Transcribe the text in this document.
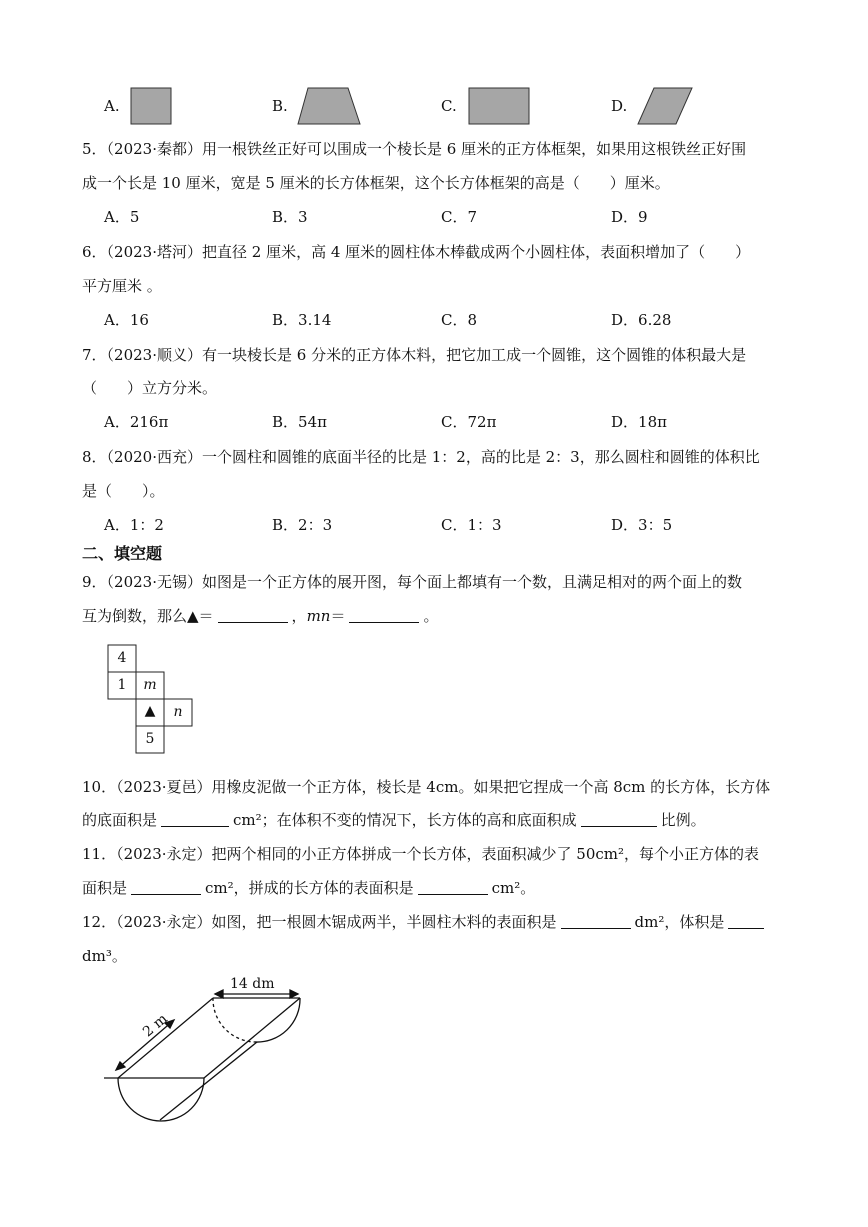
A.	B.	C.	D.
5．（2023·秦都）用一根铁丝正好可以围成一个棱长是 6 厘米的正方体框架，如果用这根铁丝正好围
成一个长是 10 厘米，宽是 5 厘米的长方体框架，这个长方体框架的高是（　　）厘米。
A．5	B．3	C．7	D．9
6．（2023·塔河）把直径 2 厘米，高 4 厘米的圆柱体木棒截成两个小圆柱体，表面积增加了（　　）
平方厘米 。
A．16	B．3.14	C．8	D．6.28
7．（2023·顺义）有一块棱长是 6 分米的正方体木料，把它加工成一个圆锥，这个圆锥的体积最大是
（　　）立方分米。
A．216π	B．54π	C．72π	D．18π
8．（2020·西充）一个圆柱和圆锥的底面半径的比是 1：2，高的比是 2：3，那么圆柱和圆锥的体积比
是（　　）。
A．1：2	B．2：3	C．1：3	D．3：5
二、填空题
9．（2023·无锡）如图是一个正方体的展开图，每个面上都填有一个数，且满足相对的两个面上的数
互为倒数，那么▲＝	，mn＝	。
4
1	m
▲	n
5
10．（2023·夏邑）用橡皮泥做一个正方体，棱长是 4cm。如果把它捏成一个高 8cm 的长方体，长方体
的底面积是	cm²；在体积不变的情况下，长方体的高和底面积成	比例。
11．（2023·永定）把两个相同的小正方体拼成一个长方体，表面积减少了 50cm²，每个小正方体的表
面积是	cm²，拼成的长方体的表面积是	cm²。
12．（2023·永定）如图，把一根圆木锯成两半，半圆柱木料的表面积是	dm²，体积是
dm³。
14 dm
2 m
